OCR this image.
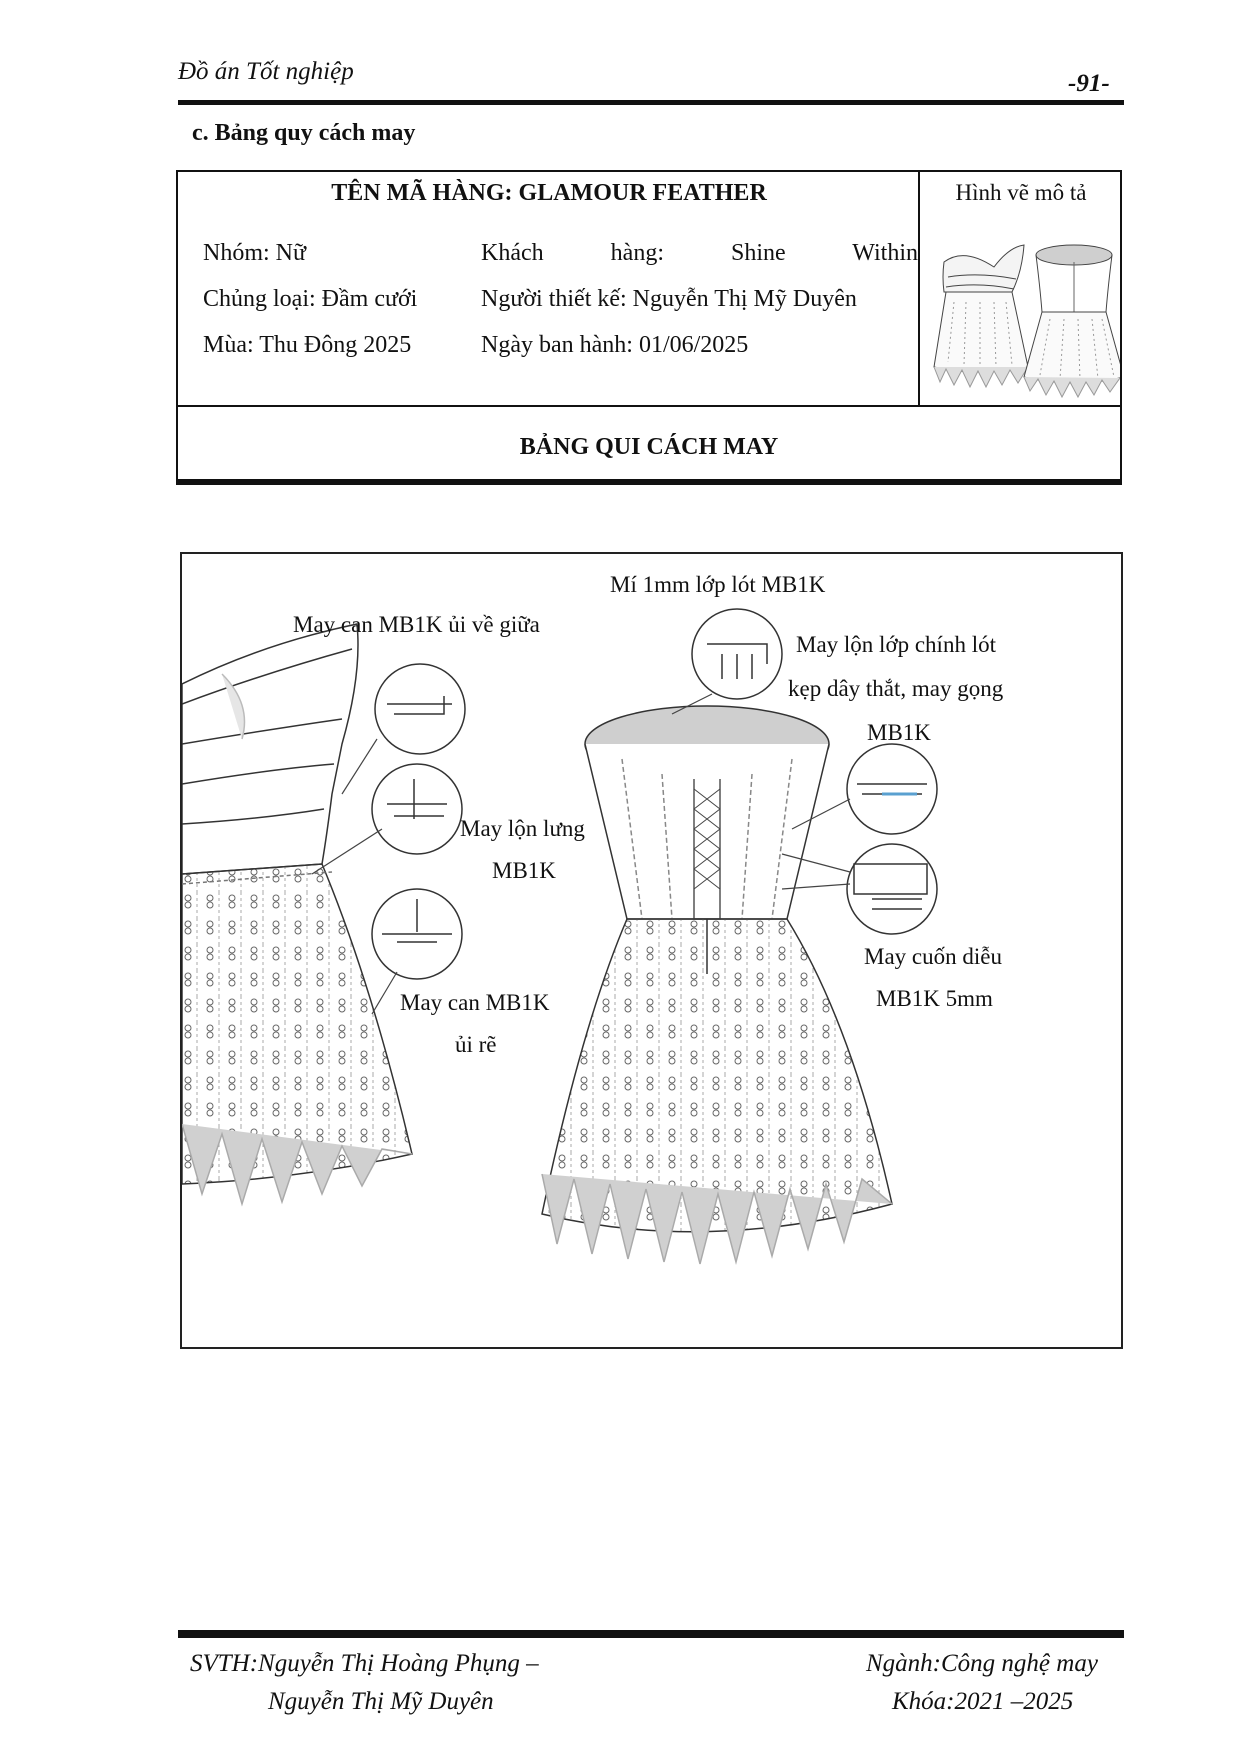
Đồ án Tốt nghiệp	-91-
c. Bảng quy cách may
TÊN MÃ HÀNG: GLAMOUR FEATHER
Nhóm: Nữ	Khách hàng: Shine Within
Chủng loại: Đầm cưới	Người thiết kế: Nguyễn Thị Mỹ Duyên
Mùa: Thu Đông 2025	Ngày ban hành: 01/06/2025
Hình vẽ mô tả
BẢNG QUI CÁCH MAY
May can MB1K ủi về giữa
Mí 1mm lớp lót MB1K
May lộn lớp chính lót
kẹp dây thắt, may gọng
MB1K
May lộn lưng
MB1K
May can MB1K
ủi rẽ
May cuốn diễu
MB1K 5mm
SVTH:Nguyễn Thị Hoàng Phụng –
Nguyễn Thị Mỹ Duyên
Ngành:Công nghệ may
Khóa:2021 –2025
